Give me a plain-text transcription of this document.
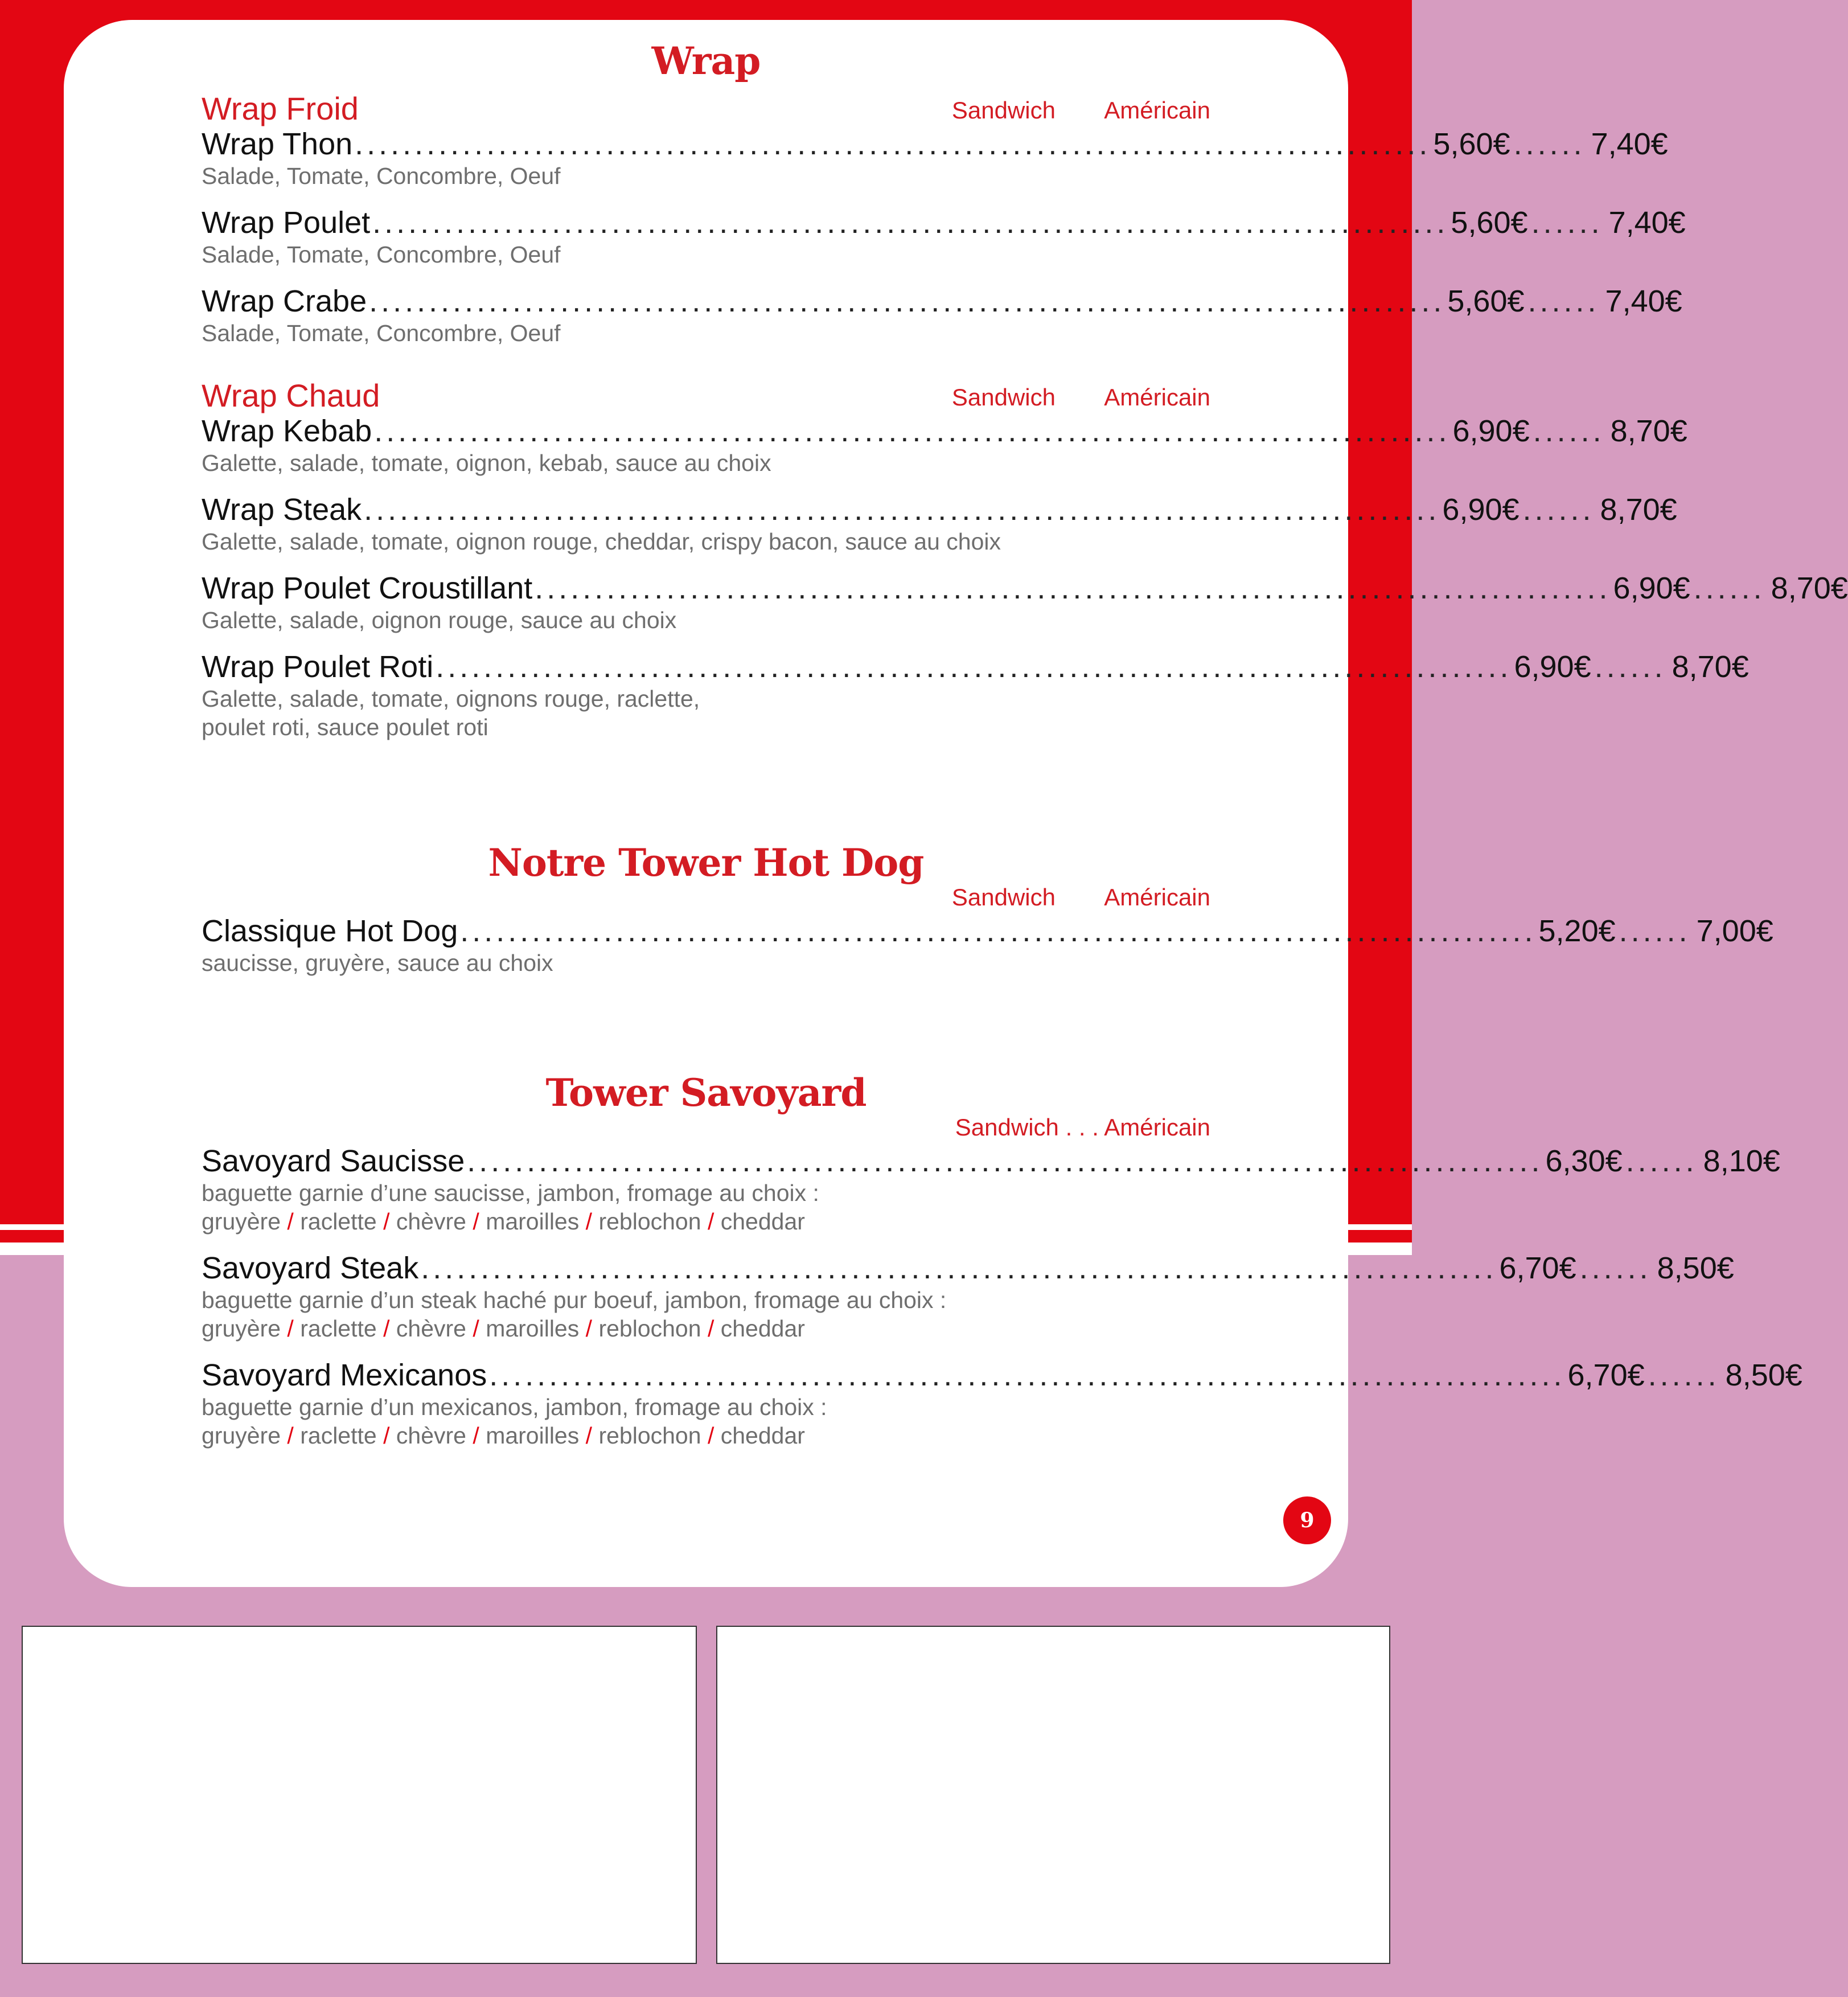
Wrap
Wrap Froid	Sandwich Américain
Wrap Thon .......................................................................................... 5,60€ ...... 7,40€
Salade, Tomate, Concombre, Oeuf
Wrap Poulet .......................................................................................... 5,60€ ...... 7,40€
Salade, Tomate, Concombre, Oeuf
Wrap Crabe .......................................................................................... 5,60€ ...... 7,40€
Salade, Tomate, Concombre, Oeuf
Wrap Chaud	Sandwich Américain
Wrap Kebab .......................................................................................... 6,90€ ...... 8,70€
Galette, salade, tomate, oignon, kebab, sauce au choix
Wrap Steak .......................................................................................... 6,90€ ...... 8,70€
Galette, salade, tomate, oignon rouge, cheddar, crispy bacon, sauce au choix
Wrap Poulet Croustillant .......................................................................................... 6,90€ ...... 8,70€
Galette, salade, oignon rouge, sauce au choix
Wrap Poulet Roti .......................................................................................... 6,90€ ...... 8,70€
Galette, salade, tomate, oignons rouge, raclette,
poulet roti, sauce poulet roti
Notre Tower Hot Dog
Sandwich Américain
Classique Hot Dog .......................................................................................... 5,20€ ...... 7,00€
saucisse, gruyère, sauce au choix
Tower Savoyard
Sandwich . . . Américain
Savoyard Saucisse .......................................................................................... 6,30€ ...... 8,10€
baguette garnie d’une saucisse, jambon, fromage au choix :
gruyère / raclette / chèvre / maroilles / reblochon / cheddar
Savoyard Steak .......................................................................................... 6,70€ ...... 8,50€
baguette garnie d’un steak haché pur boeuf, jambon, fromage au choix :
gruyère / raclette / chèvre / maroilles / reblochon / cheddar
Savoyard Mexicanos .......................................................................................... 6,70€ ...... 8,50€
baguette garnie d’un mexicanos, jambon, fromage au choix :
gruyère / raclette / chèvre / maroilles / reblochon / cheddar
9
